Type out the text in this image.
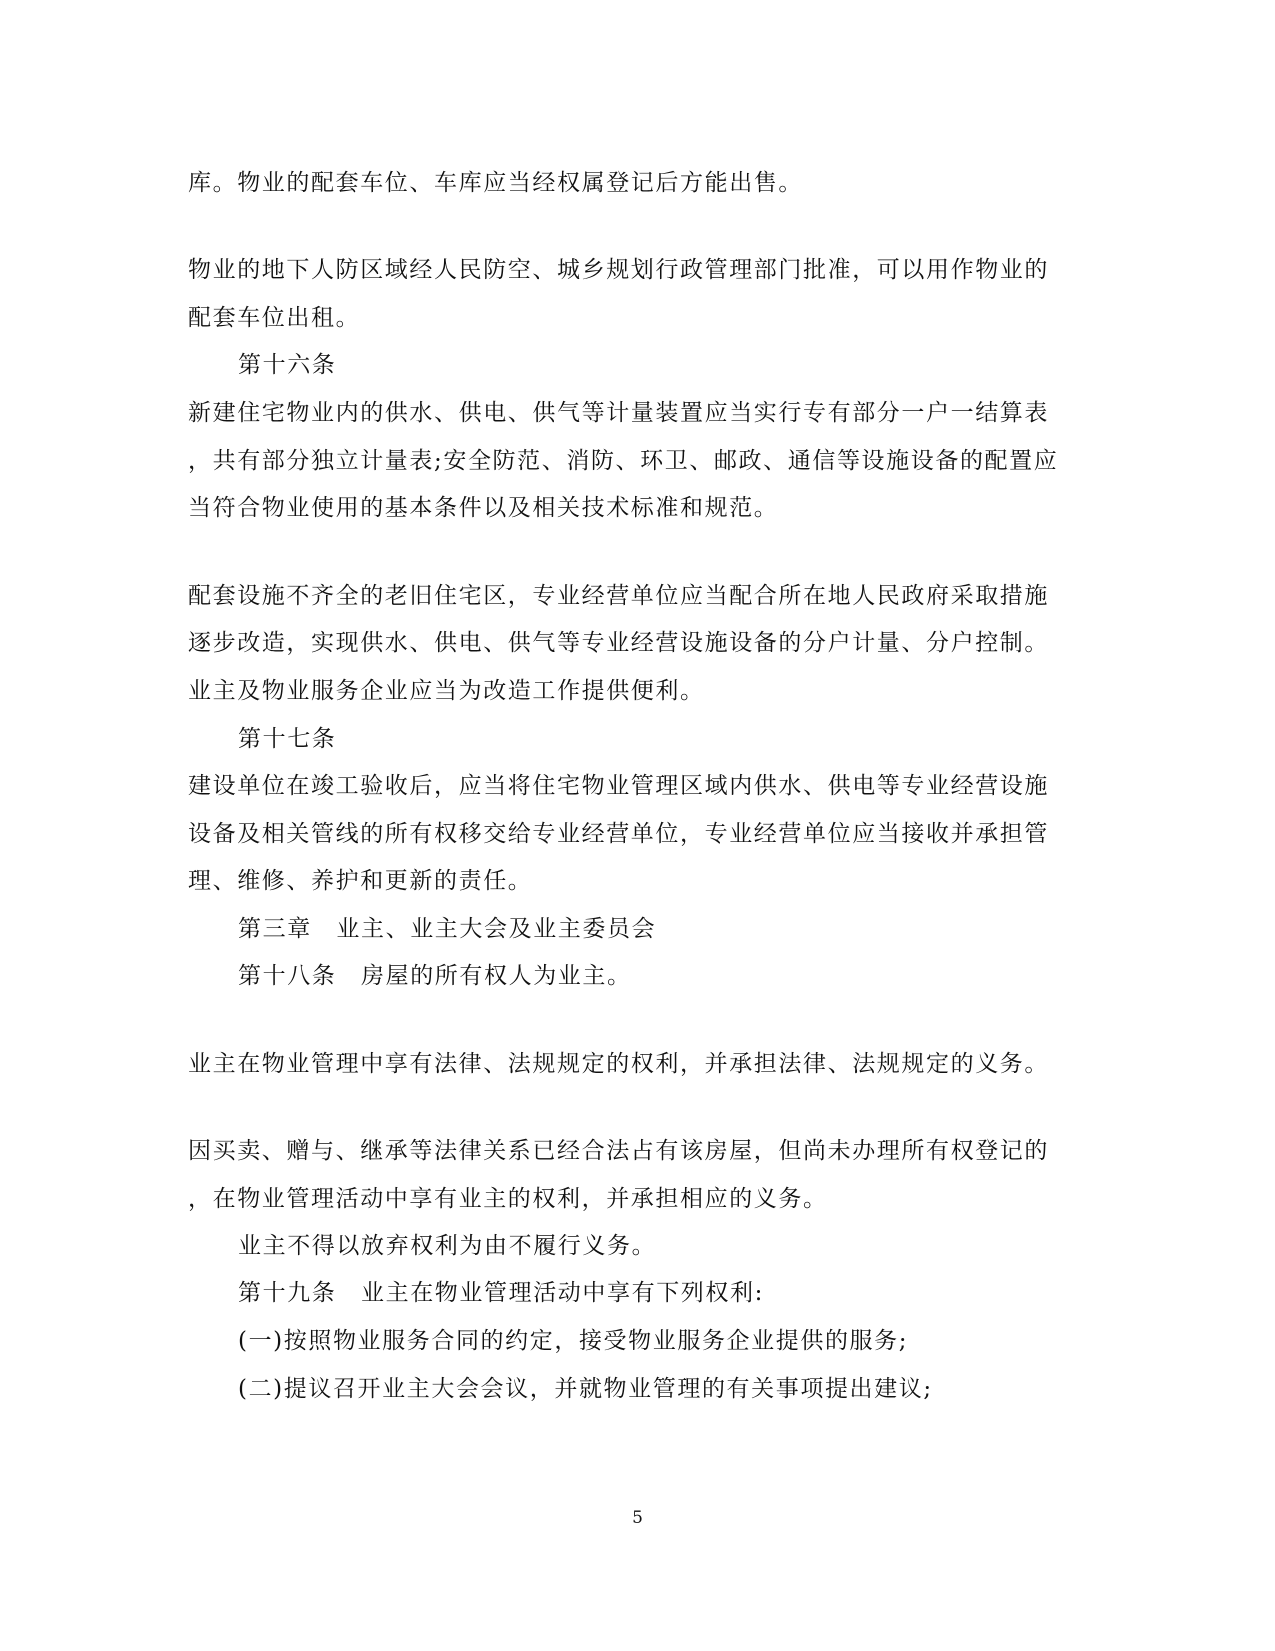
库。物业的配套车位、车库应当经权属登记后方能出售。
物业的地下人防区域经人民防空、城乡规划行政管理部门批准，可以用作物业的
配套车位出租。
第十六条
新建住宅物业内的供水、供电、供气等计量装置应当实行专有部分一户一结算表
，共有部分独立计量表;安全防范、消防、环卫、邮政、通信等设施设备的配置应
当符合物业使用的基本条件以及相关技术标准和规范。
配套设施不齐全的老旧住宅区，专业经营单位应当配合所在地人民政府采取措施
逐步改造，实现供水、供电、供气等专业经营设施设备的分户计量、分户控制。
业主及物业服务企业应当为改造工作提供便利。
第十七条
建设单位在竣工验收后，应当将住宅物业管理区域内供水、供电等专业经营设施
设备及相关管线的所有权移交给专业经营单位，专业经营单位应当接收并承担管
理、维修、养护和更新的责任。
第三章　业主、业主大会及业主委员会
第十八条　房屋的所有权人为业主。
业主在物业管理中享有法律、法规规定的权利，并承担法律、法规规定的义务。
因买卖、赠与、继承等法律关系已经合法占有该房屋，但尚未办理所有权登记的
，在物业管理活动中享有业主的权利，并承担相应的义务。
业主不得以放弃权利为由不履行义务。
第十九条　业主在物业管理活动中享有下列权利:
(一)按照物业服务合同的约定，接受物业服务企业提供的服务;
(二)提议召开业主大会会议，并就物业管理的有关事项提出建议;
5
